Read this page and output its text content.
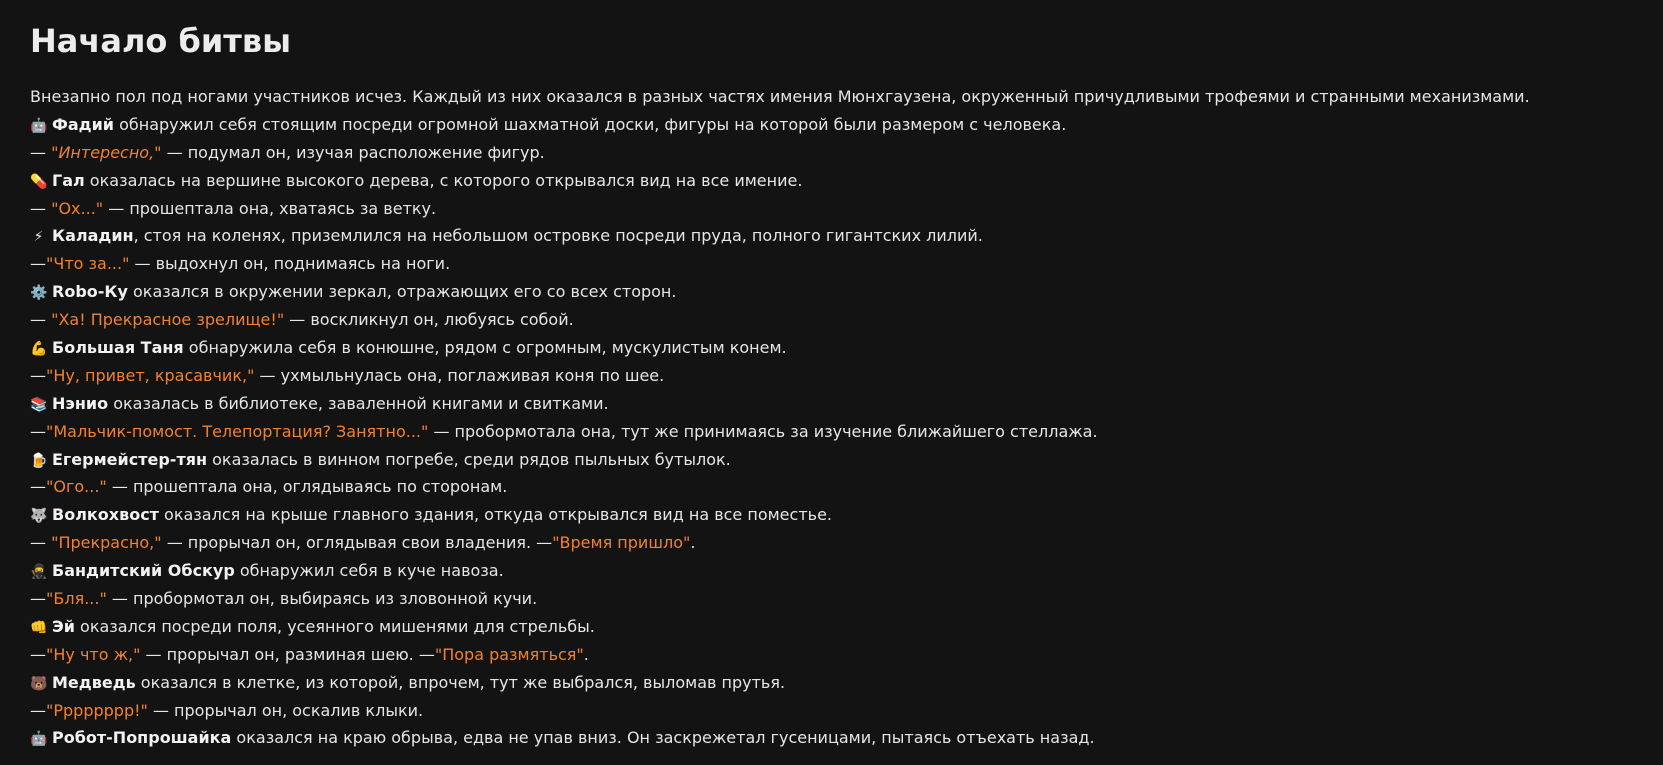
Начало битвы
Внезапно пол под ногами участников исчез. Каждый из них оказался в разных частях имения Мюнхгаузена, окруженный причудливыми трофеями и странными механизмами.
🤖 Фадий обнаружил себя стоящим посреди огромной шахматной доски, фигуры на которой были размером с человека.
— "Интересно," — подумал он, изучая расположение фигур.
💊 Гал оказалась на вершине высокого дерева, с которого открывался вид на все имение.
— "Ох..." — прошептала она, хватаясь за ветку.
⚡ Каладин, стоя на коленях, приземлился на небольшом островке посреди пруда, полного гигантских лилий.
—"Что за..." — выдохнул он, поднимаясь на ноги.
⚙️ Robo-Ку оказался в окружении зеркал, отражающих его со всех сторон.
— "Ха! Прекрасное зрелище!" — воскликнул он, любуясь собой.
💪 Большая Таня обнаружила себя в конюшне, рядом с огромным, мускулистым конем.
—"Ну, привет, красавчик," — ухмыльнулась она, поглаживая коня по шее.
📚 Нэнио оказалась в библиотеке, заваленной книгами и свитками.
—"Мальчик-помост. Телепортация? Занятно..." — пробормотала она, тут же принимаясь за изучение ближайшего стеллажа.
🍺 Егермейстер-тян оказалась в винном погребе, среди рядов пыльных бутылок.
—"Ого..." — прошептала она, оглядываясь по сторонам.
🐺 Волкохвост оказался на крыше главного здания, откуда открывался вид на все поместье.
— "Прекрасно," — прорычал он, оглядывая свои владения. —"Время пришло".
🥷 Бандитский Обскур обнаружил себя в куче навоза.
—"Бля..." — пробормотал он, выбираясь из зловонной кучи.
👊 Эй оказался посреди поля, усеянного мишенями для стрельбы.
—"Ну что ж," — прорычал он, разминая шею. —"Пора размяться".
🐻 Медведь оказался в клетке, из которой, впрочем, тут же выбрался, выломав прутья.
—"Рррррррр!" — прорычал он, оскалив клыки.
🤖 Робот-Попрошайка оказался на краю обрыва, едва не упав вниз. Он заскрежетал гусеницами, пытаясь отъехать назад.
